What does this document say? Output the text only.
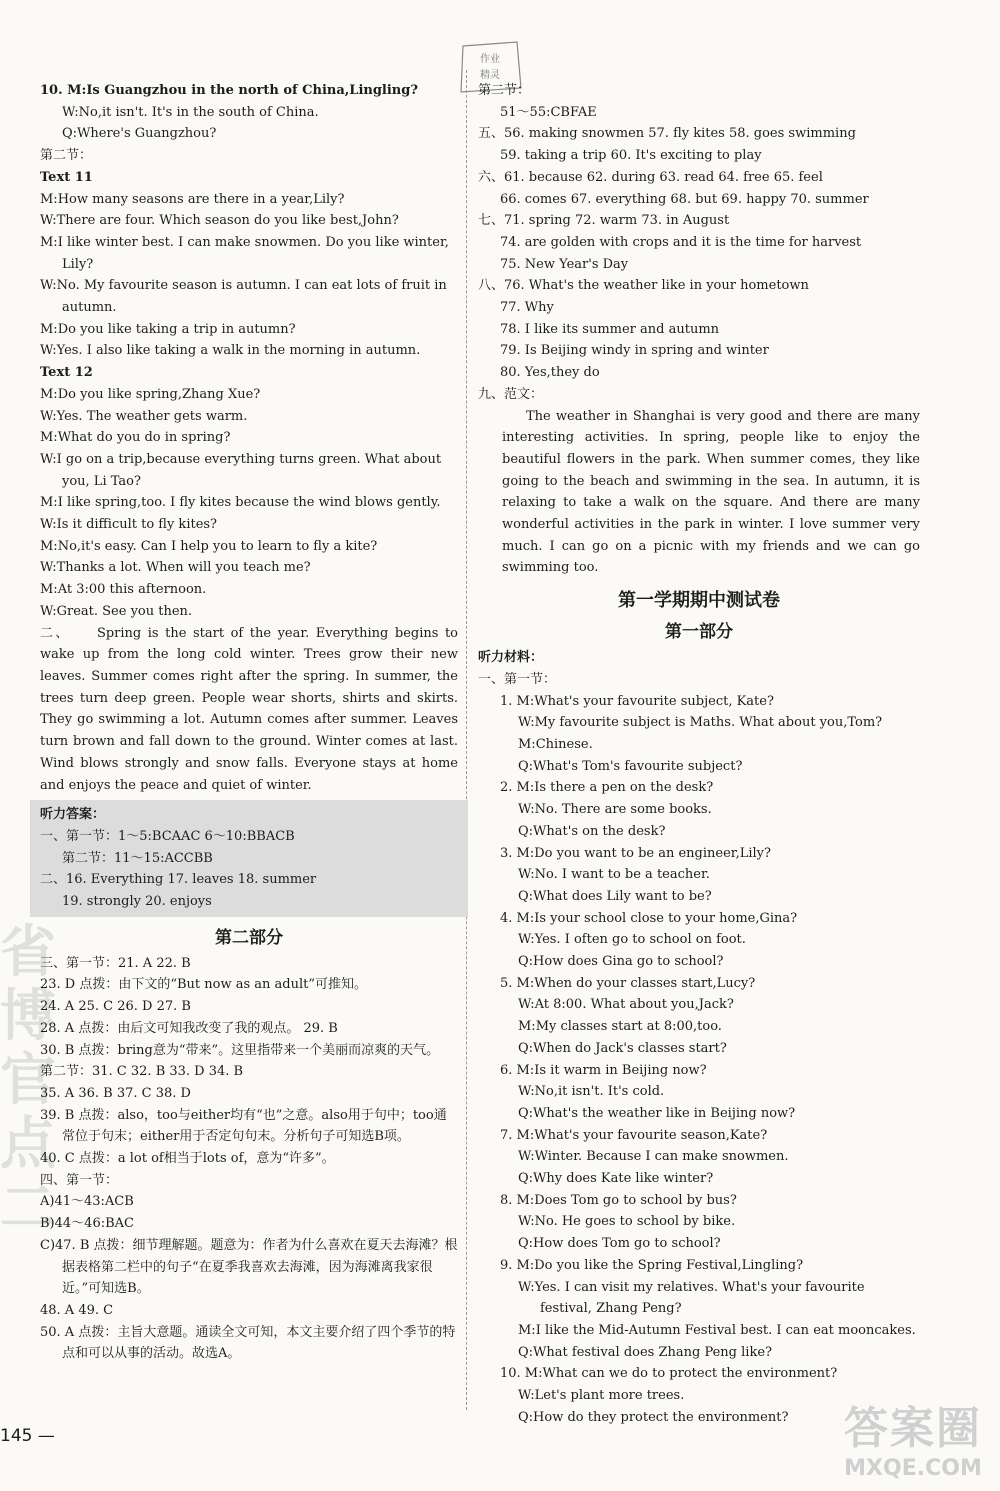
作业
精灵
省
博
官
点
二
10. M:Is Guangzhou in the north of China,Lingling?
W:No,it isn't. It's in the south of China.
Q:Where's Guangzhou?
第二节：
Text 11
M:How many seasons are there in a year,Lily?
W:There are four. Which season do you like best,John?
M:I like winter best. I can make snowmen. Do you like winter, Lily?
W:No. My favourite season is autumn. I can eat lots of fruit in autumn.
M:Do you like taking a trip in autumn?
W:Yes. I also like taking a walk in the morning in autumn.
Text 12
M:Do you like spring,Zhang Xue?
W:Yes. The weather gets warm.
M:What do you do in spring?
W:I go on a trip,because everything turns green. What about you, Li Tao?
M:I like spring,too. I fly kites because the wind blows gently.
W:Is it difficult to fly kites?
M:No,it's easy. Can I help you to learn to fly a kite?
W:Thanks a lot. When will you teach me?
M:At 3:00 this afternoon.
W:Great. See you then.
二、 Spring is the start of the year. Everything begins to wake up from the long cold winter. Trees grow their new leaves. Summer comes right after the spring. In summer, the trees turn deep green. People wear shorts, shirts and skirts. They go swimming a lot. Autumn comes after summer. Leaves turn brown and fall down to the ground. Winter comes at last. Wind blows strongly and snow falls. Everyone stays at home and enjoys the peace and quiet of winter.
听力答案：
一、第一节：1～5:BCAAC 6～10:BBACB
第二节：11～15:ACCBB
二、16. Everything 17. leaves 18. summer
19. strongly 20. enjoys
第二部分
三、第一节：21. A 22. B
23. D 点拨：由下文的“But now as an adult”可推知。
24. A 25. C 26. D 27. B
28. A 点拨：由后文可知我改变了我的观点。 29. B
30. B 点拨：bring意为“带来”。这里指带来一个美丽而凉爽的天气。
第二节：31. C 32. B 33. D 34. B
35. A 36. B 37. C 38. D
39. B 点拨：also，too与either均有“也”之意。also用于句中；too通常位于句末；either用于否定句句末。分析句子可知选B项。
40. C 点拨：a lot of相当于lots of，意为“许多”。
四、第一节：
A)41～43:ACB
B)44～46:BAC
C)47. B 点拨：细节理解题。题意为：作者为什么喜欢在夏天去海滩？根据表格第二栏中的句子“在夏季我喜欢去海滩，因为海滩离我家很近。”可知选B。
48. A 49. C
50. A 点拨：主旨大意题。通读全文可知，本文主要介绍了四个季节的特点和可以从事的活动。故选A。
第二节：
51～55:CBFAE
五、56. making snowmen 57. fly kites 58. goes swimming
59. taking a trip 60. It's exciting to play
六、61. because 62. during 63. read 64. free 65. feel
66. comes 67. everything 68. but 69. happy 70. summer
七、71. spring 72. warm 73. in August
74. are golden with crops and it is the time for harvest
75. New Year's Day
八、76. What's the weather like in your hometown
77. Why
78. I like its summer and autumn
79. Is Beijing windy in spring and winter
80. Yes,they do
九、范文：
The weather in Shanghai is very good and there are many interesting activities. In spring, people like to enjoy the beautiful flowers in the park. When summer comes, they like going to the beach and swimming in the sea. In autumn, it is relaxing to take a walk on the square. And there are many wonderful activities in the park in winter. I love summer very much. I can go on a picnic with my friends and we can go swimming too.
第一学期期中测试卷
第一部分
听力材料：
一、第一节：
1. M:What's your favourite subject, Kate?
W:My favourite subject is Maths. What about you,Tom?
M:Chinese.
Q:What's Tom's favourite subject?
2. M:Is there a pen on the desk?
W:No. There are some books.
Q:What's on the desk?
3. M:Do you want to be an engineer,Lily?
W:No. I want to be a teacher.
Q:What does Lily want to be?
4. M:Is your school close to your home,Gina?
W:Yes. I often go to school on foot.
Q:How does Gina go to school?
5. M:When do your classes start,Lucy?
W:At 8:00. What about you,Jack?
M:My classes start at 8:00,too.
Q:When do Jack's classes start?
6. M:Is it warm in Beijing now?
W:No,it isn't. It's cold.
Q:What's the weather like in Beijing now?
7. M:What's your favourite season,Kate?
W:Winter. Because I can make snowmen.
Q:Why does Kate like winter?
8. M:Does Tom go to school by bus?
W:No. He goes to school by bike.
Q:How does Tom go to school?
9. M:Do you like the Spring Festival,Lingling?
W:Yes. I can visit my relatives. What's your favourite festival, Zhang Peng?
M:I like the Mid-Autumn Festival best. I can eat mooncakes.
Q:What festival does Zhang Peng like?
10. M:What can we do to protect the environment?
W:Let's plant more trees.
Q:How do they protect the environment?
145 —	答案圈
MXQE.COM
